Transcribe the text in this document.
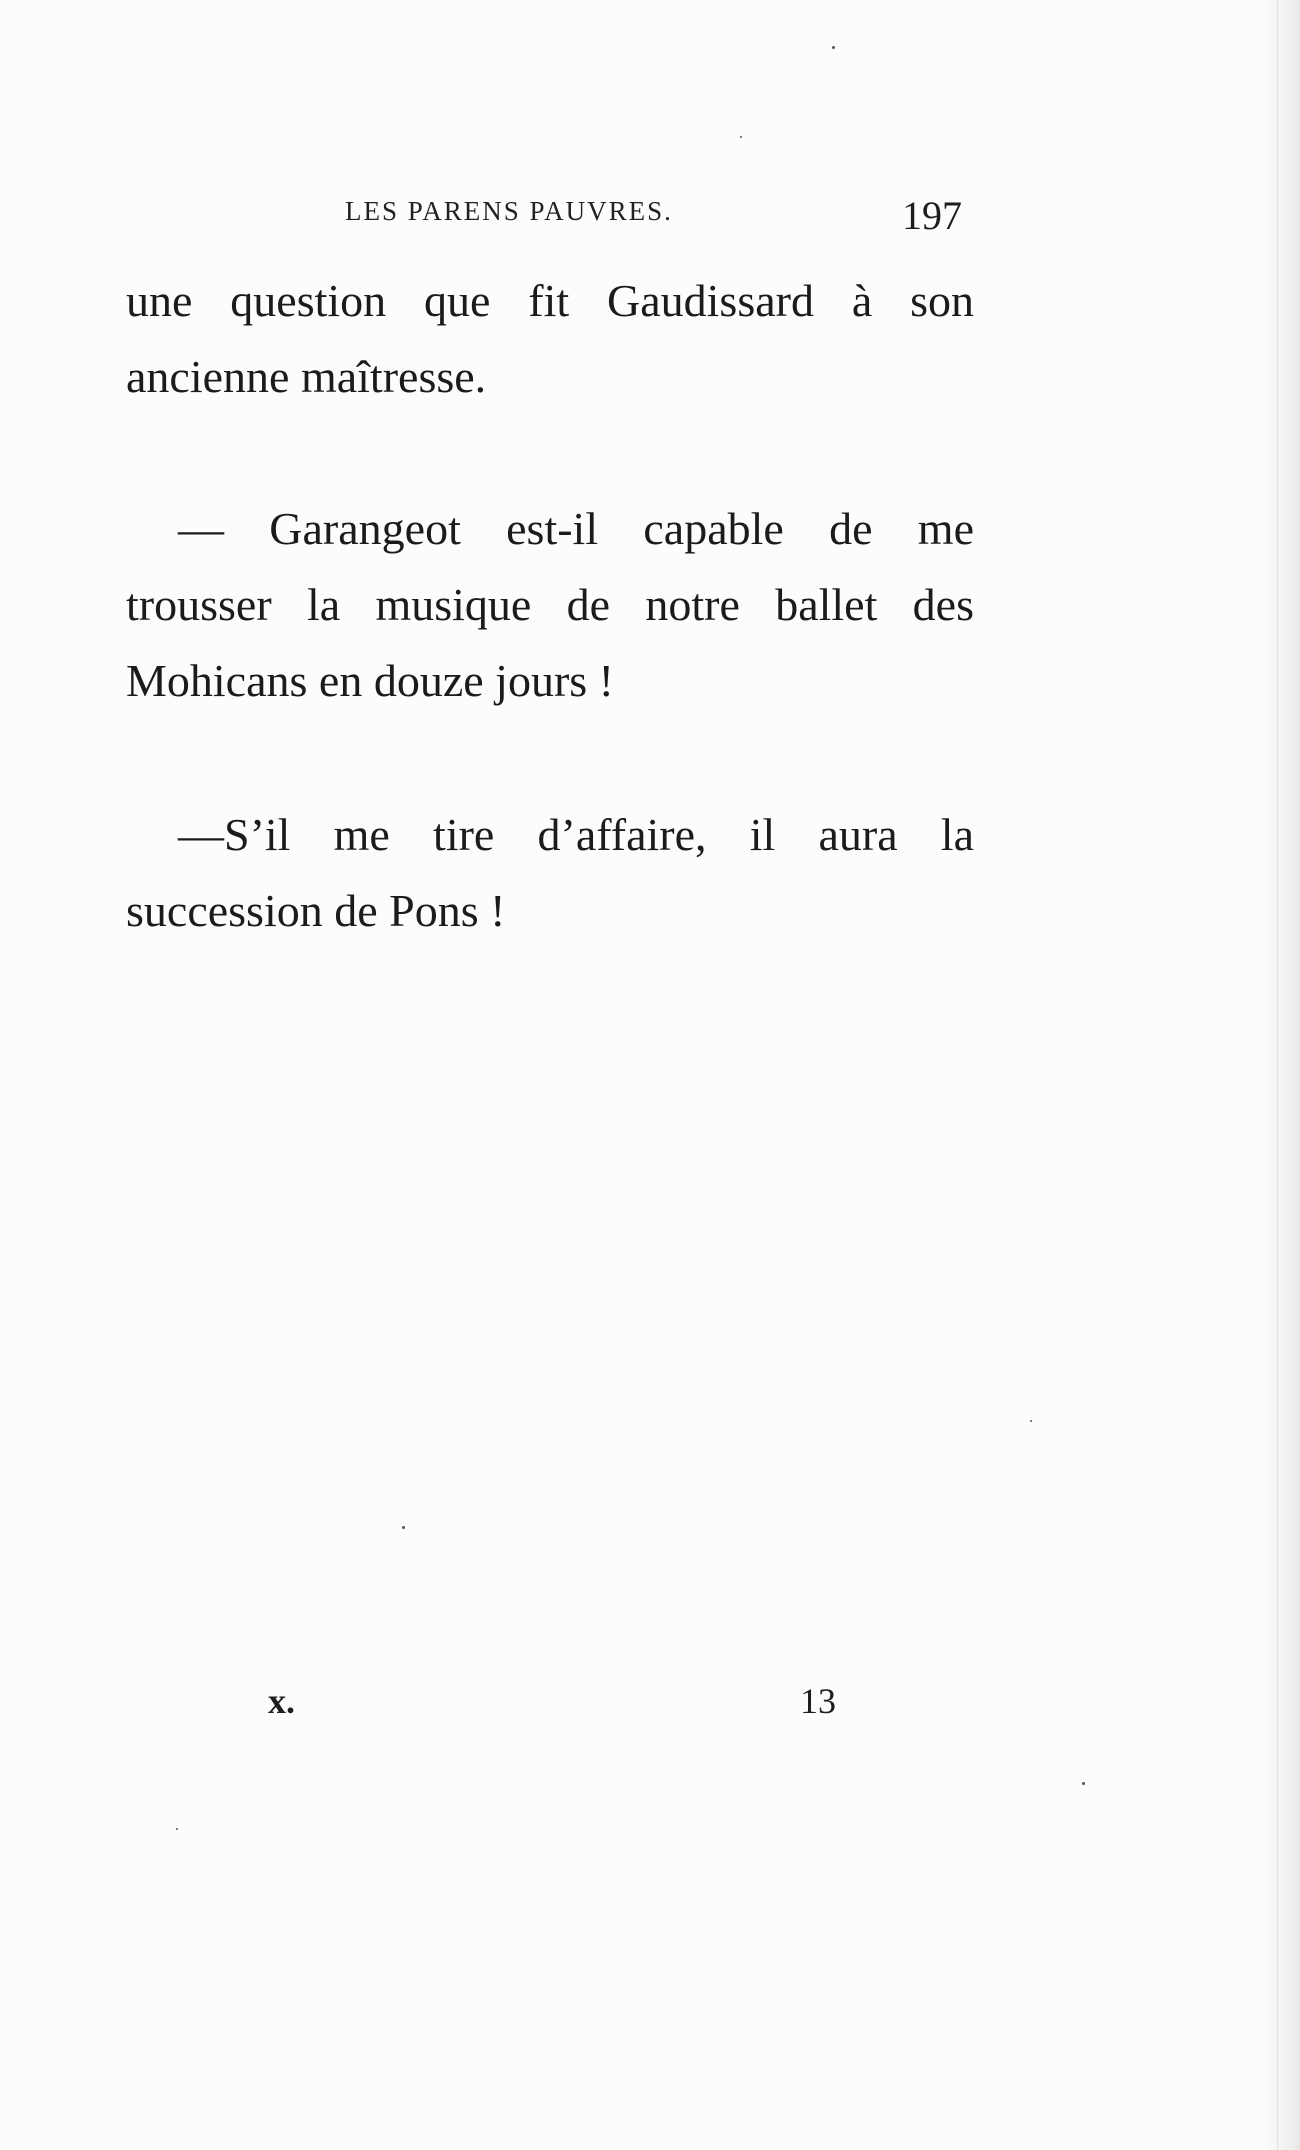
LES PARENS PAUVRES.	197
une question que fit Gaudissard à son
ancienne maîtresse.
— Garangeot est-il capable de me
trousser la musique de notre ballet des
Mohicans en douze jours !
—S’il me tire d’affaire, il aura la
succession de Pons !
x.	13
